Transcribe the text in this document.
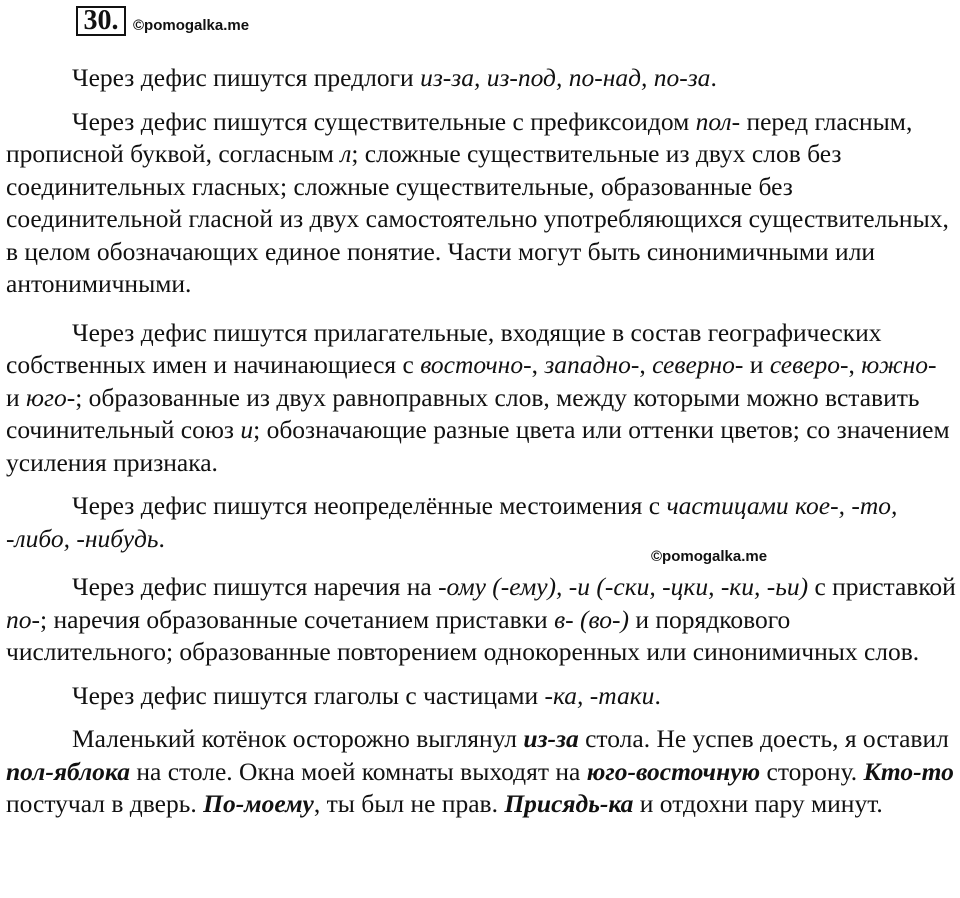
30. ©pomogalka.me
©pomogalka.me

Через дефис пишутся предлоги из-за, из-под, по-над, по-за.

Через дефис пишутся существительные с префиксоидом пол- перед гласным, прописной буквой, согласным л; сложные существительные из двух слов без соединительных гласных; сложные существительные, образованные без соединительной гласной из двух самостоятельно употребляющихся существительных, в целом обозначающих единое понятие. Части могут быть синонимичными или антонимичными.

Через дефис пишутся прилагательные, входящие в состав географических собственных имен и начинающиеся с восточно-, западно-, северно- и северо-, южно- и юго-; образованные из двух равноправных слов, между которыми можно вставить сочинительный союз и; обозначающие разные цвета или оттенки цветов; со значением усиления признака.

Через дефис пишутся неопределённые местоимения с частицами кое-, -то, -либо, -нибудь.

Через дефис пишутся наречия на -ому (-ему), -и (-ски, -цки, -ки, -ьи) с приставкой по-; наречия образованные сочетанием приставки в- (во-) и порядкового числительного; образованные повторением однокоренных или синонимичных слов.

Через дефис пишутся глаголы с частицами -ка, -таки.

Маленький котёнок осторожно выглянул из-за стола. Не успев доесть, я оставил пол-яблока на столе. Окна моей комнаты выходят на юго-восточную сторону. Кто-то постучал в дверь. По-моему, ты был не прав. Присядь-ка и отдохни пару минут.
